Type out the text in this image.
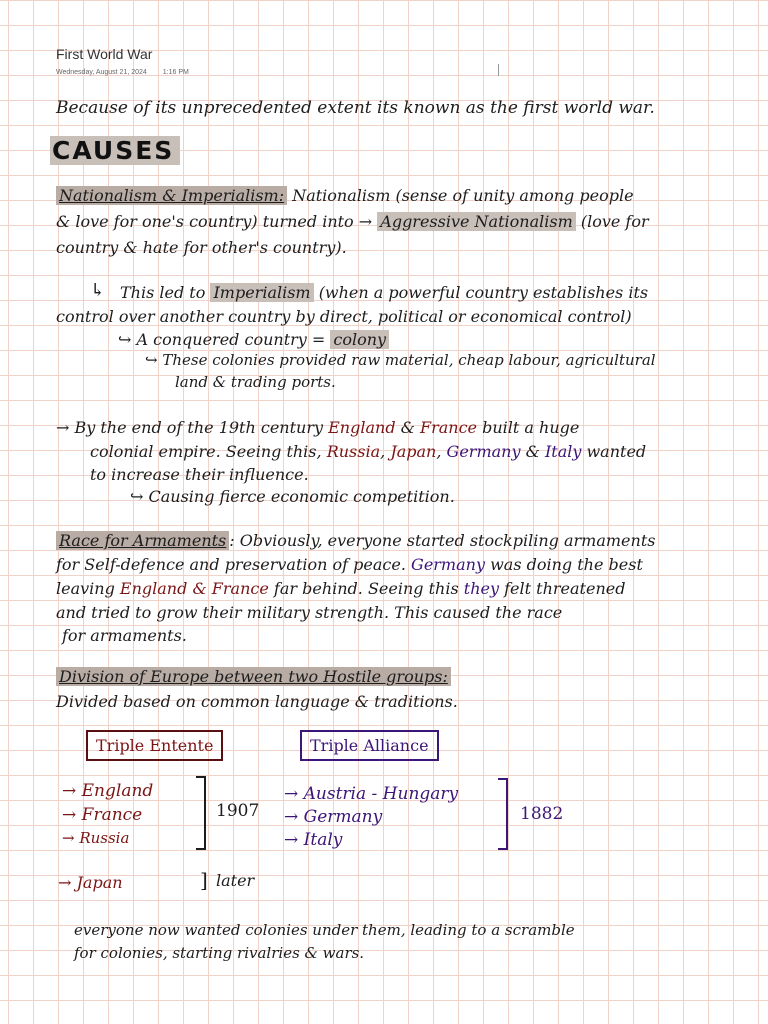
First World War
Wednesday, August 21, 2024 1:16 PM
Because of its unprecedented extent its known as the first world war.
CAUSES
Nationalism & Imperialism: Nationalism (sense of unity among people
& love for one's country) turned into → Aggressive Nationalism (love for
country & hate for other's country).
↳ This led to Imperialism (when a powerful country establishes its
control over another country by direct, political or economical control)
↪ A conquered country = colony
↪ These colonies provided raw material, cheap labour, agricultural
land & trading ports.
→ By the end of the 19th century England & France built a huge
colonial empire. Seeing this, Russia, Japan, Germany & Italy wanted
to increase their influence.
↪ Causing fierce economic competition.
Race for Armaments : Obviously, everyone started stockpiling armaments
for Self-defence and preservation of peace. Germany was doing the best
leaving England & France far behind. Seeing this they felt threatened
and tried to grow their military strength. This caused the race
for armaments.
Division of Europe between two Hostile groups:
Divided based on common language & traditions.
Triple Entente
→ England
→ France
→ Russia
1907
→ Japan	] later
Triple Alliance
→ Austria - Hungary
→ Germany
→ Italy
1882
everyone now wanted colonies under them, leading to a scramble
for colonies, starting rivalries & wars.
